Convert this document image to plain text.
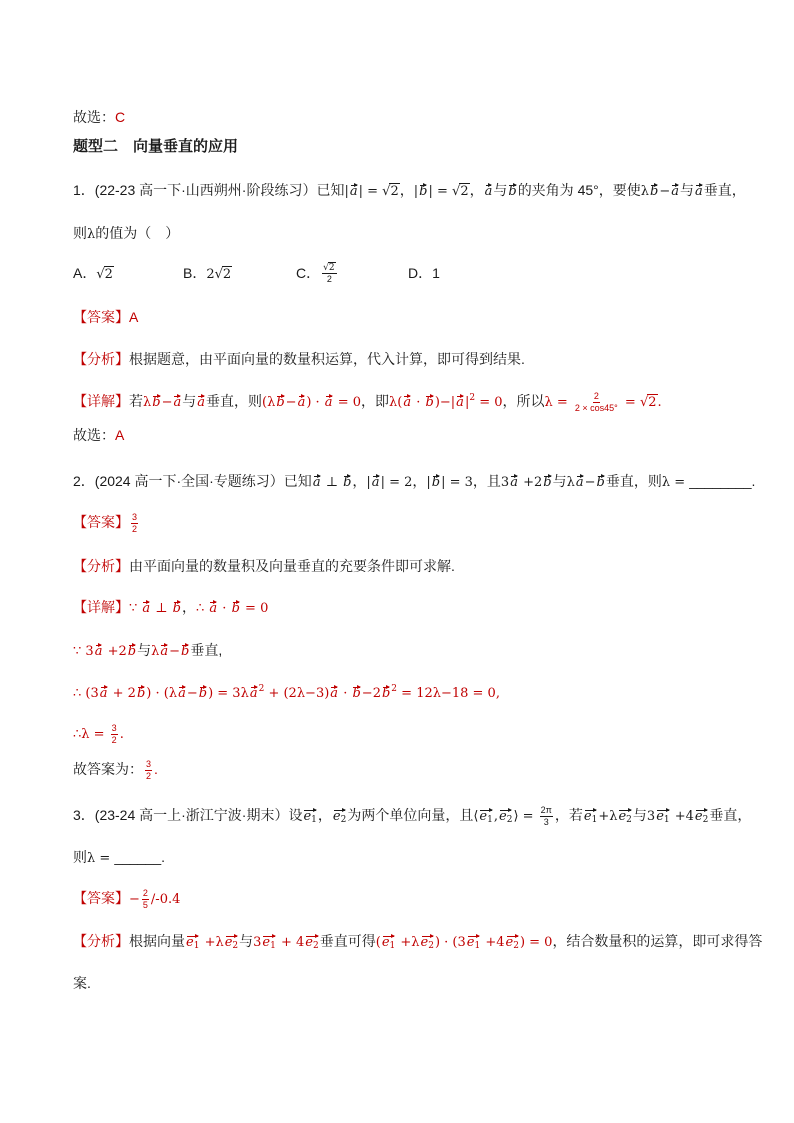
故选：C
题型二　向量垂直的应用
1．(22-23 高一下·山西朔州·阶段练习）已知|a| = √ 2，|b| = √ 2，a与b的夹角为 45°，要使λb−a与a垂直，
则λ的值为（　）
A． √ 2	B．2 √ 2	C． √ $\frac{2}{2}$	D．1
【答案】A
【分析】根据题意，由平面向量的数量积运算，代入计算，即可得到结果.
【详解】若λb−a与a垂直，则(λb−a) · a = 0，即$\lambda(a \cdot b)-|a|^2 = 0$，所以$\lambda = \frac{2}{2 \times \cos 45^\circ}$ = √ 2.
故选：A
2．(2024 高一下·全国·专题练习）已知a ⊥ b，|a| = 2，|b| = 3，且3a +2b与λa−b垂直，则λ = ________.
【答案】 $\frac{3}{2}$
【分析】由平面向量的数量积及向量垂直的充要条件即可求解.
【详解】∵ a ⊥ b，∴ a · b = 0
∵ 3a +2b与λa−b垂直,
∴ $(3a + 2b) \cdot (\lambda a-b) = 3\lambda a^2 + (2\lambda-3)a \cdot b-2b^2 = 12\lambda-18 = 0$,
∴λ = $\frac{3}{2}$ .
故答案为： $\frac{3}{2}$ .
3．(23-24 高一上·浙江宁波·期末）设$e_1$，$e_2$为两个单位向量，且$⟨e_1,e_2⟩ = \frac{2\pi}{3}$ ，若$e_1+\lambda e_2$与$3e_1 +4e_2$垂直，
则λ = ______.
【答案】− $\frac{2}{5} /-0.4$
【分析】根据向量$e_1 +\lambda e_2$与$3e_1 + 4e_2$垂直可得$(e_1 +\lambda e_2) \cdot (3e_1 +4e_2) = 0$，结合数量积的运算，即可求得答
案.
